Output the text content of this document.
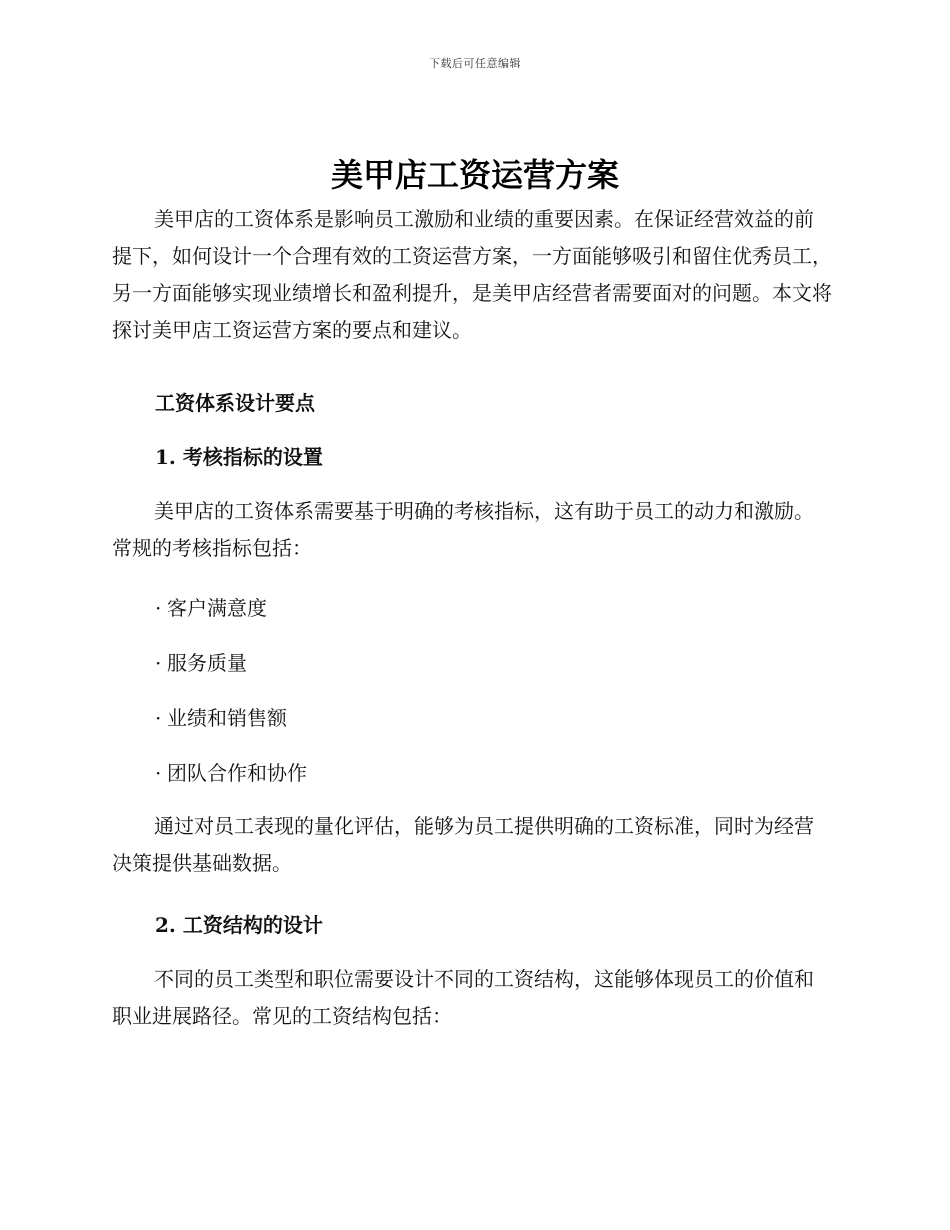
下载后可任意编辑
美甲店工资运营方案

美甲店的工资体系是影响员工激励和业绩的重要因素。在保证经营效益的前提下，如何设计一个合理有效的工资运营方案，一方面能够吸引和留住优秀员工，另一方面能够实现业绩增长和盈利提升，是美甲店经营者需要面对的问题。本文将探讨美甲店工资运营方案的要点和建议。

工资体系设计要点

1. 考核指标的设置

美甲店的工资体系需要基于明确的考核指标，这有助于员工的动力和激励。常规的考核指标包括：

· 客户满意度

· 服务质量

· 业绩和销售额

· 团队合作和协作

通过对员工表现的量化评估，能够为员工提供明确的工资标准，同时为经营决策提供基础数据。

2. 工资结构的设计

不同的员工类型和职位需要设计不同的工资结构，这能够体现员工的价值和职业进展路径。常见的工资结构包括：
